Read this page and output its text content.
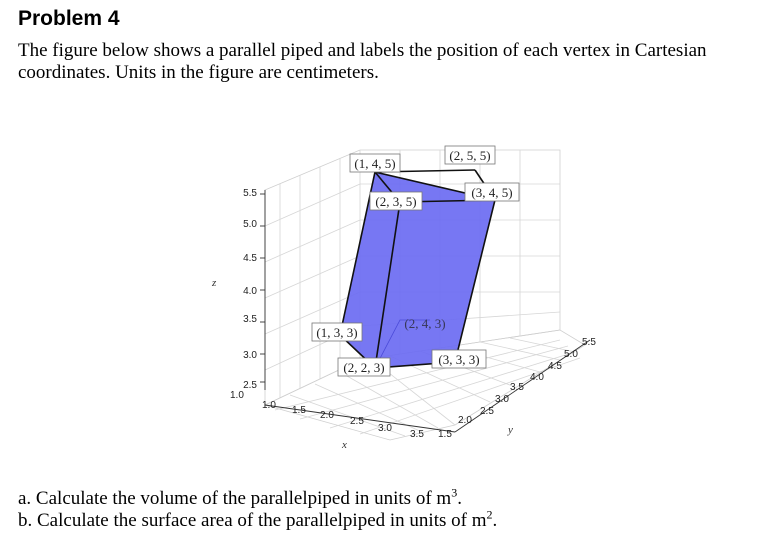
Problem 4
The figure below shows a parallel piped and labels the position of each vertex in Cartesian coordinates. Units in the figure are centimeters.
2.5
3.0
3.5
4.0
4.5
5.0
5.5
z
1.0
1.0 1.5 2.0
2.5
3.0
3.5
x
1.5
2.0
2.5
3.0
3.5
4.0
4.5
5.0
5.5
y
(1, 4, 5)
(2, 5, 5)
(2, 3, 5)
(3, 4, 5)
(1, 3, 3)
(2, 4, 3)
(2, 2, 3)
(3, 3, 3)
a. Calculate the volume of the parallelpiped in units of $m^3$.
b. Calculate the surface area of the parallelpiped in units of $m^2$.
